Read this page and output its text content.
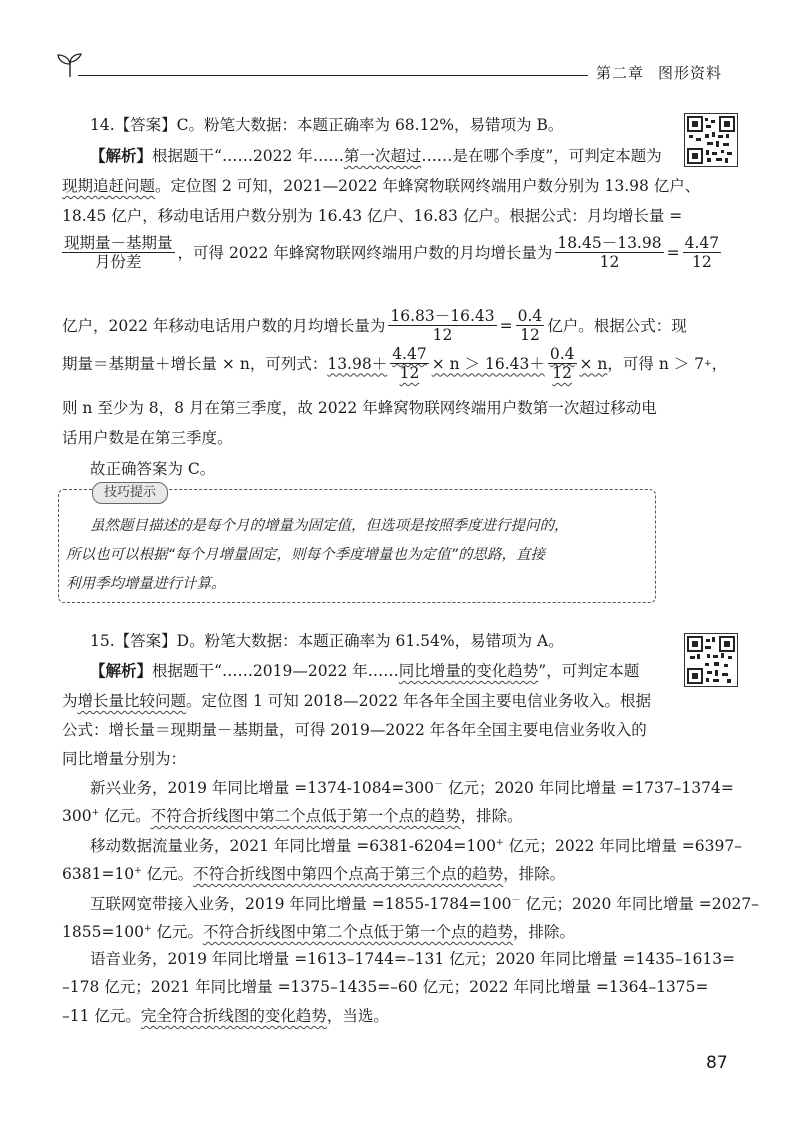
第二章 图形资料
14.【答案】C。粉笔大数据：本题正确率为 68.12%，易错项为 B。
【解析】根据题干“……2022 年……第一次超过……是在哪个季度”，可判定本题为
现期追赶问题。定位图 2 可知，2021—2022 年蜂窝物联网终端用户数分别为 13.98 亿户、
18.45 亿户，移动电话用户数分别为 16.43 亿户、16.83 亿户。根据公式：月均增长量 =
$\frac{\text{现期量－基期量}}{\text{月份差}}$ ，可得 2022 年蜂窝物联网终端用户数的月均增长量为 $\frac{18.45-13.98}{12} = \frac{4.47}{12}$
亿户，2022 年移动电话用户数的月均增长量为 $\frac{16.83-16.43}{12} = \frac{0.4}{12}$ 亿户。根据公式：现
期量＝基期量＋增长量 × n，可列式： $13.98+ \frac{4.47}{12} \times n > 16.43+ \frac{0.4}{12} \times n$ ，可得 n ＞ 7 + ，
则 n 至少为 8，8 月在第三季度，故 2022 年蜂窝物联网终端用户数第一次超过移动电
话用户数是在第三季度。
故正确答案为 C。
技巧提示
虽然题目描述的是每个月的增量为固定值，但选项是按照季度进行提问的，
所以也可以根据“每个月增量固定，则每个季度增量也为定值”的思路，直接
利用季均增量进行计算。
15.【答案】D。粉笔大数据：本题正确率为 61.54%，易错项为 A。
【解析】根据题干“……2019—2022 年……同比增量的变化趋势”，可判定本题
为增长量比较问题。定位图 1 可知 2018—2022 年各年全国主要电信业务收入。根据
公式：增长量＝现期量－基期量，可得 2019—2022 年各年全国主要电信业务收入的
同比增量分别为：
新兴业务，2019 年同比增量 =1374-1084=300－ 亿元；2020 年同比增量 =1737–1374=
300+ 亿元。不符合折线图中第二个点低于第一个点的趋势，排除。
移动数据流量业务，2021 年同比增量 =6381-6204=100+ 亿元；2022 年同比增量 =6397–
6381=10+ 亿元。不符合折线图中第四个点高于第三个点的趋势，排除。
互联网宽带接入业务，2019 年同比增量 =1855-1784=100－ 亿元；2020 年同比增量 =2027–
1855=100+ 亿元。不符合折线图中第二个点低于第一个点的趋势，排除。
语音业务，2019 年同比增量 =1613–1744=–131 亿元；2020 年同比增量 =1435–1613=
–178 亿元；2021 年同比增量 =1375–1435=–60 亿元；2022 年同比增量 =1364–1375=
–11 亿元。完全符合折线图的变化趋势，当选。
87
